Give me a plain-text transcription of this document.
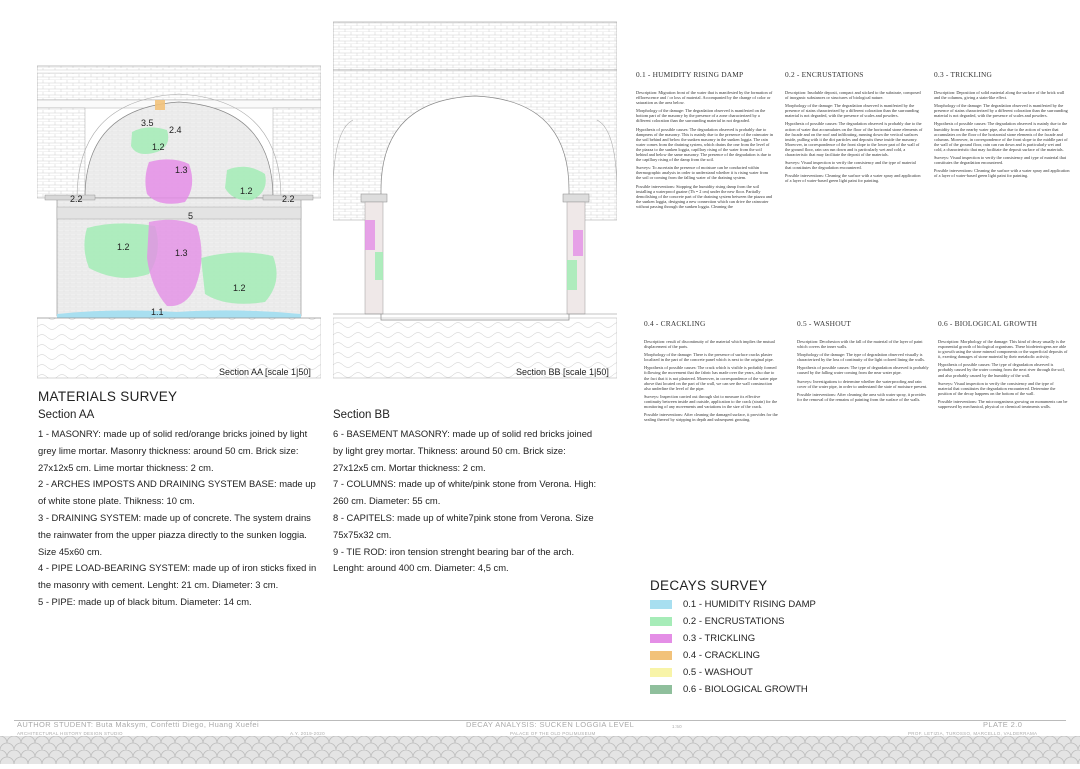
3.5
2.4
1.2
1.3
2.2
1.2
2.2
5
1.2
1.3
1.2
1.1
Section AA [scale 1|50]	Section BB [scale 1|50]
MATERIALS SURVEY
Section AA

1 - MASONRY: made up of solid red/orange bricks joined by light grey lime mortar. Masonry thickness: around 50 cm. Brick size: 27x12x5 cm. Lime mortar thickness: 2 cm.

2 - ARCHES IMPOSTS AND DRAINING SYSTEM BASE: made up of white stone plate. Thikness: 10 cm.

3 - DRAINING SYSTEM: made up of concrete. The system drains the rainwater from the upper piazza directly to the sunken loggia. Size 45x60 cm.

4 - PIPE LOAD-BEARING SYSTEM: made up of iron sticks fixed in the masonry with cement. Lenght: 21 cm. Diameter: 3 cm.

5 - PIPE: made up of black bitum. Diameter: 14 cm.

Section BB

6 - BASEMENT MASONRY: made up of solid red bricks joined by light grey mortar. Thikness: around 50 cm. Brick size: 27x12x5 cm. Mortar thickness: 2 cm.

7 - COLUMNS: made up of white/pink stone from Verona. High: 260 cm. Diameter: 55 cm.

8 - CAPITELS: made up of white7pink stone from Verona. Size 75x75x32 cm.

9 - TIE ROD: iron tension strenght bearing bar of the arch. Lenght: around 400 cm. Diameter: 4,5 cm.

0.1 - HUMIDITY RISING DAMP

Description: Migration front of the water that is manifested by the formation of efflorescence and / or loss of material. Accompanied by the change of color or saturation as the area below.

Morphology of the damage: The degradation observed is manifested on the bottom part of the masonry by the presence of a zone characterized by a different coloration than the surrounding material in not degraded.

Hypothesis of possible causes: The degradation observed is probably due to dampness of the masonry. This is mainly due to the presence of the rainwater in the soil behind and below the sunken masonry in the sunken loggia. The rain water comes from the draining system, which drains the one from the level of the piazza to the sunken loggia, capillary rising of the water from the soil behind and below the same masonry. The presence of the degradation is due to the capillary rising of the damp from the soil.

Surveys: To ascertain the presence of moisture can be conducted within thermographic analysis in order to understand whether it is rising water from the soil or coming from the falling water of the draining system.

Possible interventions: Stopping the humidity rising damp from the soil installing a waterproof guaine (Th = 2 cm) under the new floor. Partially demolishing of the concrete part of the draining system between the piazza and the sunken loggia, designing a new connection which can drive the rainwater without passing through the sunken loggia. Cleaning the

0.2 - ENCRUSTATIONS

Description: Insoluble deposit, compact and sticked to the substrate, composed of inorganic substances or structures of biological nature.

Morphology of the damage: The degradation observed is manifested by the presence of stains characterized by a different coloration than the surrounding material is not degraded, with the presence of scales and powders.

Hypothesis of possible causes: The degradation observed is probably due to the action of water that accumulates on the floor of the horizontal stone elements of the facade and on the roof and infiltrating, running down the vertical surfaces inside, pulling with it the dirt particles and deposits these inside the masonry. Moreover, in correspondence of the front slope to the lower part of the wall of the ground floor, rain can run down and is particularly wet and cold, a characteristic that may facilitate the deposit of the materials.

Surveys: Visual inspection to verify the consistency and the type of material that constitutes the degradation encountered.

Possible interventions: Cleaning the surface with a water spray and application of a layer of water-based green light paint for painting.

0.3 - TRICKLING

Description: Deposition of solid material along the surface of the brick wall and the columns, giving a stain-like effect.

Morphology of the damage: The degradation observed is manifested by the presence of stains characterized by a different coloration than the surrounding material is not degraded, with the presence of scales and powders.

Hypothesis of possible causes: The degradation observed is mainly due to the humidity from the nearby water pipe, also due to the action of water that accumulates on the floor of the horizontal stone elements of the facade and columns. Moreover, in correspondence of the front slope to the middle part of the wall of the ground floor, rain can run down and is particularly wet and cold, a characteristic that may facilitate the deposit surface of the materials.

Surveys: Visual inspection to verify the consistency and type of material that constitutes the degradation encountered.

Possible interventions: Cleaning the surface with a water spray and application of a layer of water-based green light paint for painting.

0.4 - CRACKLING

Description: result of discontinuity of the material which implies the mutual displacement of the parts.

Morphology of the damage: There is the presence of surface cracks plaster localized in the part of the concrete panel which is next to the original pipe.

Hypothesis of possible causes: The crack which is visible is probably formed following the movement that the fabric has made over the years, also due to the fact that it is not plastered. Moreover, in correspondence of the water pipe above that located on the part of the wall, we can see the wall construction also underline the level of the pipe.

Surveys: Inspection carried out through slot to measure its effective continuity between inside and outside, application to the crack (strain) for the monitoring of any movements and variations in the size of the crack.

Possible interventions: After cleaning the damaged surface, it provides for the sealing thereof by stripping in depth and subsequent grouting.

0.5 - WASHOUT

Description: Decohesion with the fall of the material of the layer of paint which covers the inner walls.

Morphology of the damage: The type of degradation observed visually is characterized by the loss of continuity of the light colored lining the walls.

Hypothesis of possible causes: The type of degradation observed is probably caused by the falling water coming from the near water pipe.

Surveys: Investigations to determine whether the waterproofing and rain cover of the water pipe, in order to understand the state of moisture present.

Possible interventions: After cleaning the area with water spray, it provides for the removal of the remains of painting from the surface of the walls.

0.6 - BIOLOGICAL GROWTH

Description: Morphology of the damage: This kind of decay usually is the exponential growth of biological organisms. These biodeteriogens are able to growth using the stone mineral components or the superficial deposits of it, exerting damages of stone material by their metabolic activity.

Hypothesis of possible causes: The type of degradation observed is probably caused by the water coming from the next river through the soil, and also probably caused by the humidity of the wall.

Surveys: Visual inspection to verify the consistency and the type of material that constitutes the degradation encountered. Determine the position of the decay happens on the bottom of the wall.

Possible interventions: The microorganisms growing on monuments can be suppressed by mechanical, physical or chemical treatments walls.

DECAYS SURVEY
0.1 - HUMIDITY RISING DAMP
0.2 - ENCRUSTATIONS
0.3 - TRICKLING
0.4 - CRACKLING
0.5 - WASHOUT
0.6 - BIOLOGICAL GROWTH
AUTHOR STUDENT: Buta Maksym, Confetti Diego, Huang Xuefei
ARCHITECTURAL HISTORY DESIGN STUDIO	A.Y. 2019-2020
DECAY ANALYSIS: SUCKEN LOGGIA LEVEL	1:50
PALACE OF THE OLD POLIMUSEUM
PLATE 2.0
PROF. LETIZIA, TUROSSO, MARCELLO, VALDERRAMA
